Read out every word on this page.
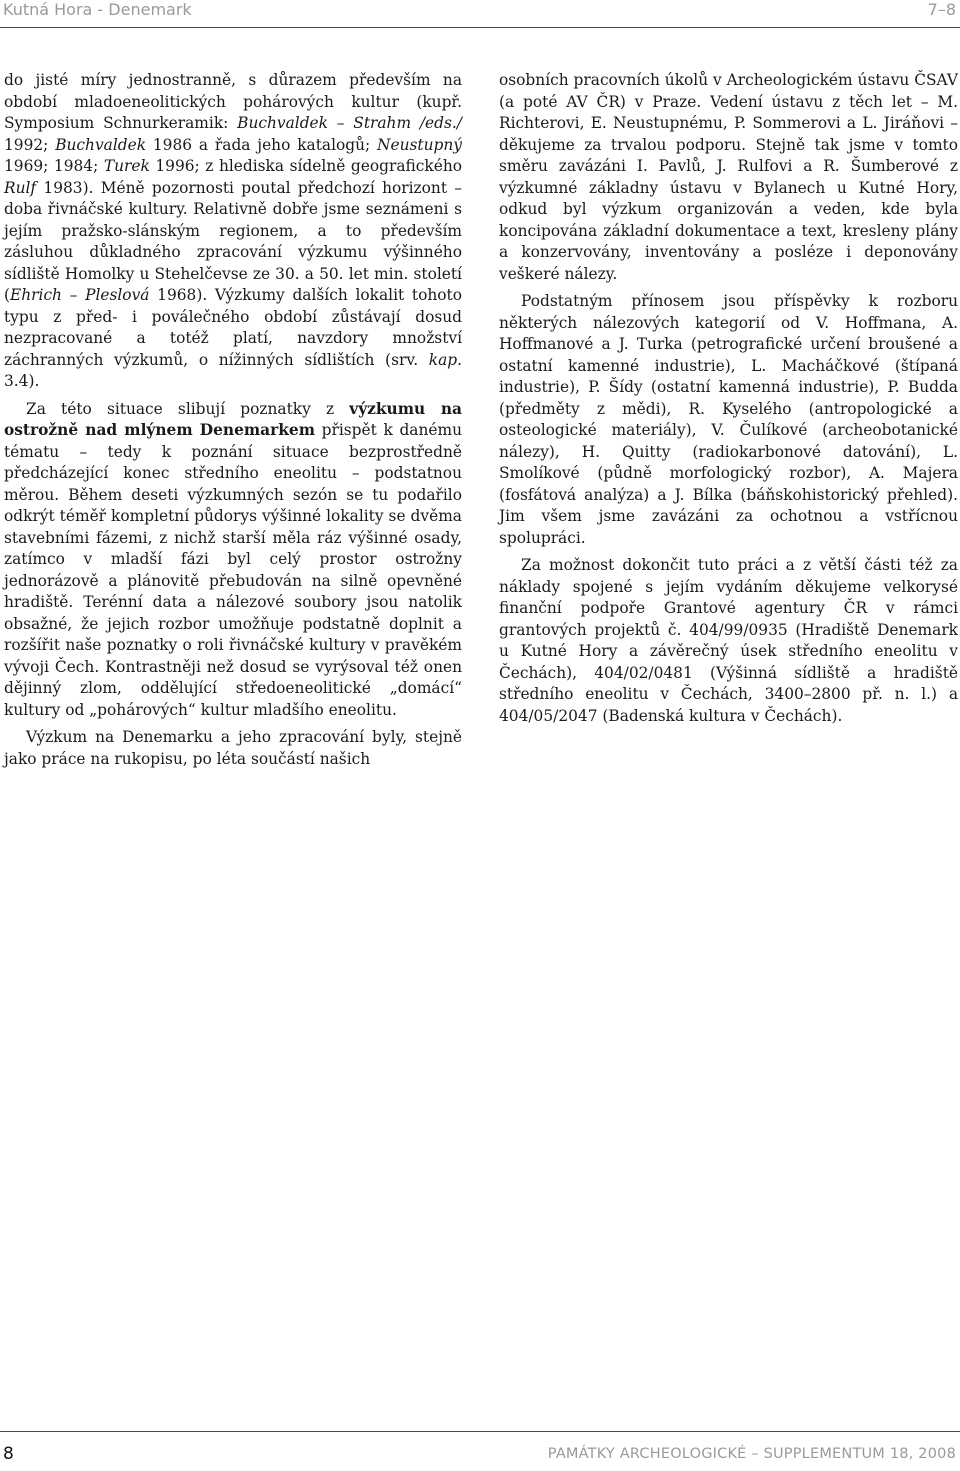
Kutná Hora - Denemark	7–8

do jisté míry jednostranně, s důrazem především na období mladoeneolitických pohárových kultur (kupř. Symposium Schnurkeramik: Buchvaldek – Strahm /eds./ 1992; Buchvaldek 1986 a řada jeho katalogů; Neustupný 1969; 1984; Turek 1996; z hlediska sídelně geografického Rulf 1983). Méně pozornosti poutal předchozí horizont – doba řivnáčské kultury. Relativně dobře jsme seznámeni s jejím pražsko-slánským regionem, a to především zásluhou důkladného zpracování výzkumu výšinného sídliště Homolky u Stehelčevse ze 30. a 50. let min. století (Ehrich – Pleslová 1968). Výzkumy dalších lokalit tohoto typu z před- i poválečného období zůstávají dosud nezpracované a totéž platí, navzdory množství záchranných výzkumů, o nížinných sídlištích (srv. kap. 3.4).

Za této situace slibují poznatky z výzkumu na ostrožně nad mlýnem Denemarkem přispět k danému tématu – tedy k poznání situace bezprostředně předcházející konec středního eneolitu – podstatnou měrou. Během deseti výzkumných sezón se tu podařilo odkrýt téměř kompletní půdorys výšinné lokality se dvěma stavebními fázemi, z nichž starší měla ráz výšinné osady, zatímco v mladší fázi byl celý prostor ostrožny jednorázově a plánovitě přebudován na silně opevněné hradiště. Terénní data a nálezové soubory jsou natolik obsažné, že jejich rozbor umožňuje podstatně doplnit a rozšířit naše poznatky o roli řivnáčské kultury v pravěkém vývoji Čech. Kontrastněji než dosud se vyrýsoval též onen dějinný zlom, oddělující středoeneolitické „domácí“ kultury od „pohárových“ kultur mladšího eneolitu.

Výzkum na Denemarku a jeho zpracování byly, stejně jako práce na rukopisu, po léta součástí našich

osobních pracovních úkolů v Archeologickém ústavu ČSAV (a poté AV ČR) v Praze. Vedení ústavu z těch let – M. Richterovi, E. Neustupnému, P. Sommerovi a L. Jiráňovi – děkujeme za trvalou podporu. Stejně tak jsme v tomto směru zavázáni I. Pavlů, J. Rulfovi a R. Šumberové z výzkumné základny ústavu v Bylanech u Kutné Hory, odkud byl výzkum organizován a veden, kde byla koncipována základní dokumentace a text, kresleny plány a konzervovány, inventovány a posléze i deponovány veškeré nálezy.

Podstatným přínosem jsou příspěvky k rozboru některých nálezových kategorií od V. Hoffmana, A. Hoffmanové a J. Turka (petrografické určení broušené a ostatní kamenné industrie), L. Macháčkové (štípaná industrie), P. Šídy (ostatní kamenná industrie), P. Budda (předměty z mědi), R. Kyselého (antropologické a osteologické materiály), V. Čulíkové (archeobotanické nálezy), H. Quitty (radiokarbonové datování), L. Smolíkové (půdně morfologický rozbor), A. Majera (fosfátová analýza) a J. Bílka (báňskohistorický přehled). Jim všem jsme zavázáni za ochotnou a vstřícnou spolupráci.

Za možnost dokončit tuto práci a z větší části též za náklady spojené s jejím vydáním děkujeme velkorysé finanční podpoře Grantové agentury ČR v rámci grantových projektů č. 404/99/0935 (Hradiště Denemark u Kutné Hory a závěrečný úsek středního eneolitu v Čechách), 404/02/0481 (Výšinná sídliště a hradiště středního eneolitu v Čechách, 3400–2800 př. n. l.) a 404/05/2047 (Badenská kultura v Čechách).

8	PAMÁTKY ARCHEOLOGICKÉ – SUPPLEMENTUM 18, 2008
